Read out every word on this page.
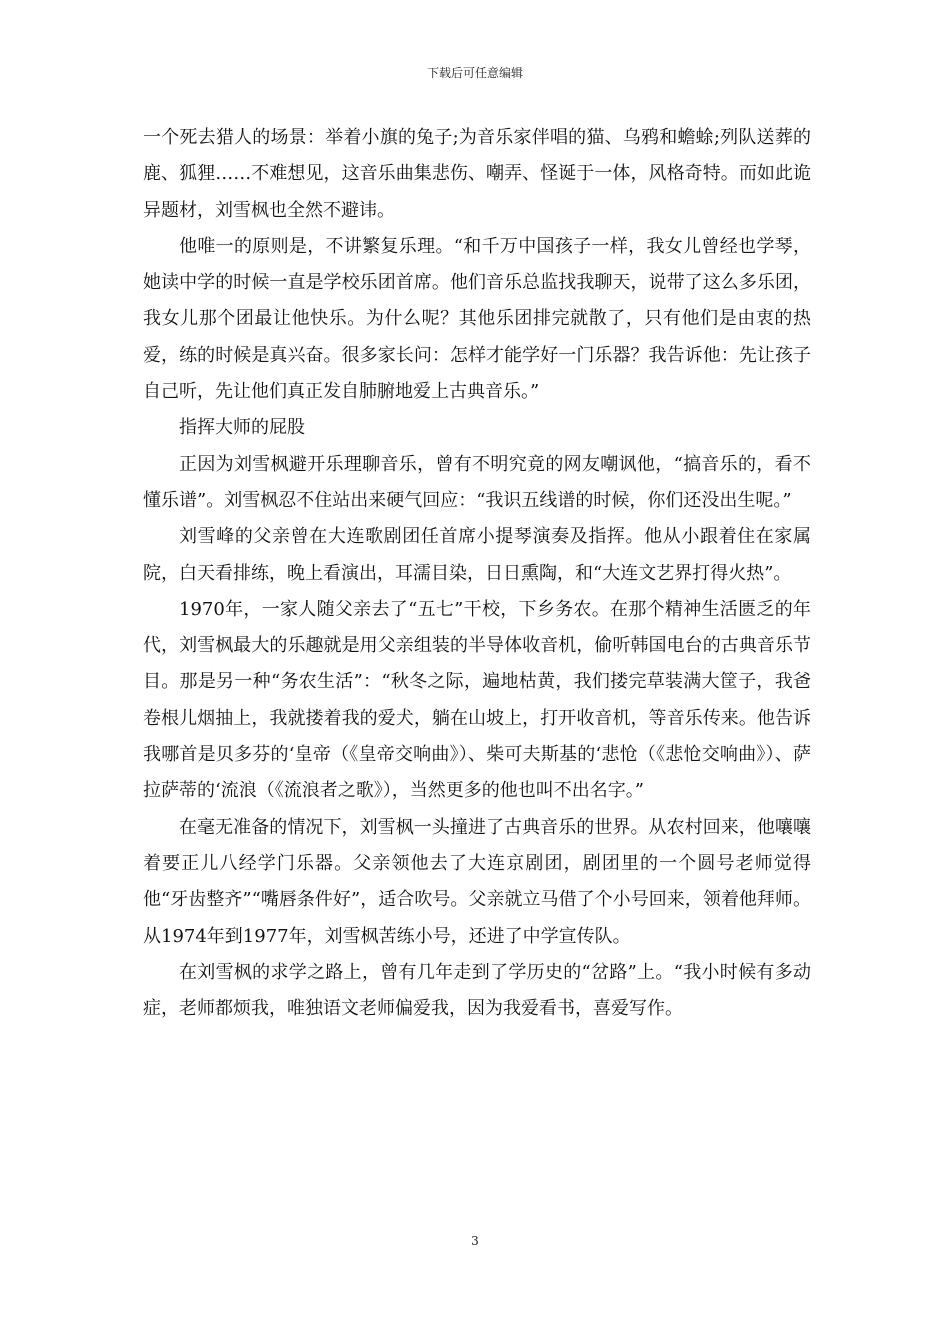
下载后可任意编辑

一个死去猎人的场景：举着小旗的兔子;为音乐家伴唱的猫、乌鸦和蟾蜍;列队送葬的鹿、狐狸……不难想见，这音乐曲集悲伤、嘲弄、怪诞于一体，风格奇特。而如此诡异题材，刘雪枫也全然不避讳。

他唯一的原则是，不讲繁复乐理。“和千万中国孩子一样，我女儿曾经也学琴，她读中学的时候一直是学校乐团首席。他们音乐总监找我聊天，说带了这么多乐团，我女儿那个团最让他快乐。为什么呢？其他乐团排完就散了，只有他们是由衷的热爱，练的时候是真兴奋。很多家长问：怎样才能学好一门乐器？我告诉他：先让孩子自己听，先让他们真正发自肺腑地爱上古典音乐。”

指挥大师的屁股

正因为刘雪枫避开乐理聊音乐，曾有不明究竟的网友嘲讽他，“搞音乐的，看不懂乐谱”。刘雪枫忍不住站出来硬气回应：“我识五线谱的时候，你们还没出生呢。”

刘雪峰的父亲曾在大连歌剧团任首席小提琴演奏及指挥。他从小跟着住在家属院，白天看排练，晚上看演出，耳濡目染，日日熏陶，和“大连文艺界打得火热”。

1970年，一家人随父亲去了“五七”干校，下乡务农。在那个精神生活匮乏的年代，刘雪枫最大的乐趣就是用父亲组装的半导体收音机，偷听韩国电台的古典音乐节目。那是另一种“务农生活”：“秋冬之际，遍地枯黄，我们搂完草装满大筐子，我爸卷根儿烟抽上，我就搂着我的爱犬，躺在山坡上，打开收音机，等音乐传来。他告诉我哪首是贝多芬的‘皇帝（《皇帝交响曲》）、柴可夫斯基的‘悲怆（《悲怆交响曲》）、萨拉萨蒂的‘流浪（《流浪者之歌》），当然更多的他也叫不出名字。”

在毫无准备的情况下，刘雪枫一头撞进了古典音乐的世界。从农村回来，他嚷嚷着要正儿八经学门乐器。父亲领他去了大连京剧团，剧团里的一个圆号老师觉得他“牙齿整齐”“嘴唇条件好”，适合吹号。父亲就立马借了个小号回来，领着他拜师。从1974年到1977年，刘雪枫苦练小号，还进了中学宣传队。

在刘雪枫的求学之路上，曾有几年走到了学历史的“岔路”上。“我小时候有多动症，老师都烦我，唯独语文老师偏爱我，因为我爱看书，喜爱写作。

3
